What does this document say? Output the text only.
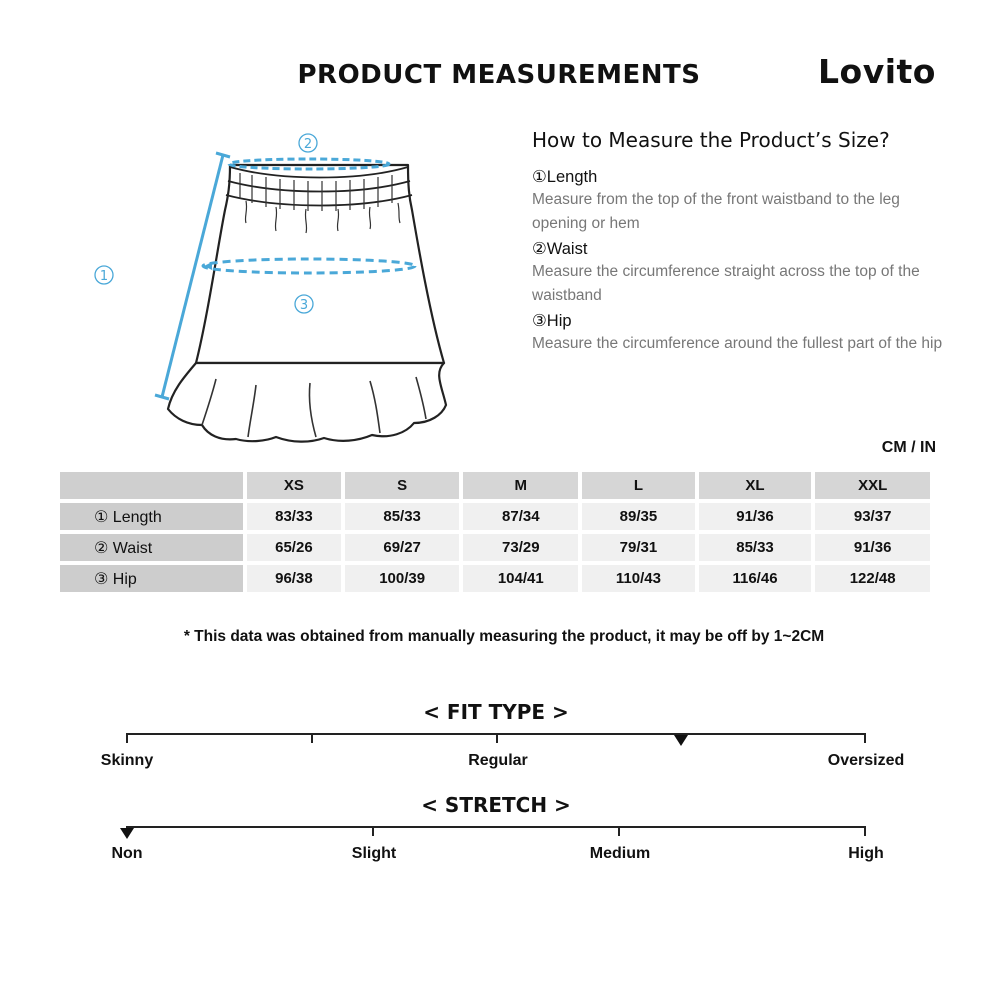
PRODUCT MEASUREMENTS	Lovito
1
2
3

How to Measure the Product’s Size?

①Length

Measure from the top of the front waistband to the leg opening or hem

②Waist

Measure the circumference straight across the top of the waistband

③Hip

Measure the circumference around the fullest part of the hip

CM / IN
	XS	S	M	L	XL	XXL
① Length	83/33	85/33	87/34	89/35	91/36	93/37
② Waist	65/26	69/27	73/29	79/31	85/33	91/36
③ Hip	96/38	100/39	104/41	110/43	116/46	122/48
* This data was obtained from manually measuring the product, it may be off by 1~2CM
< FIT TYPE >
Skinny	Regular	Oversized
< STRETCH >
Non	Slight	Medium	High
